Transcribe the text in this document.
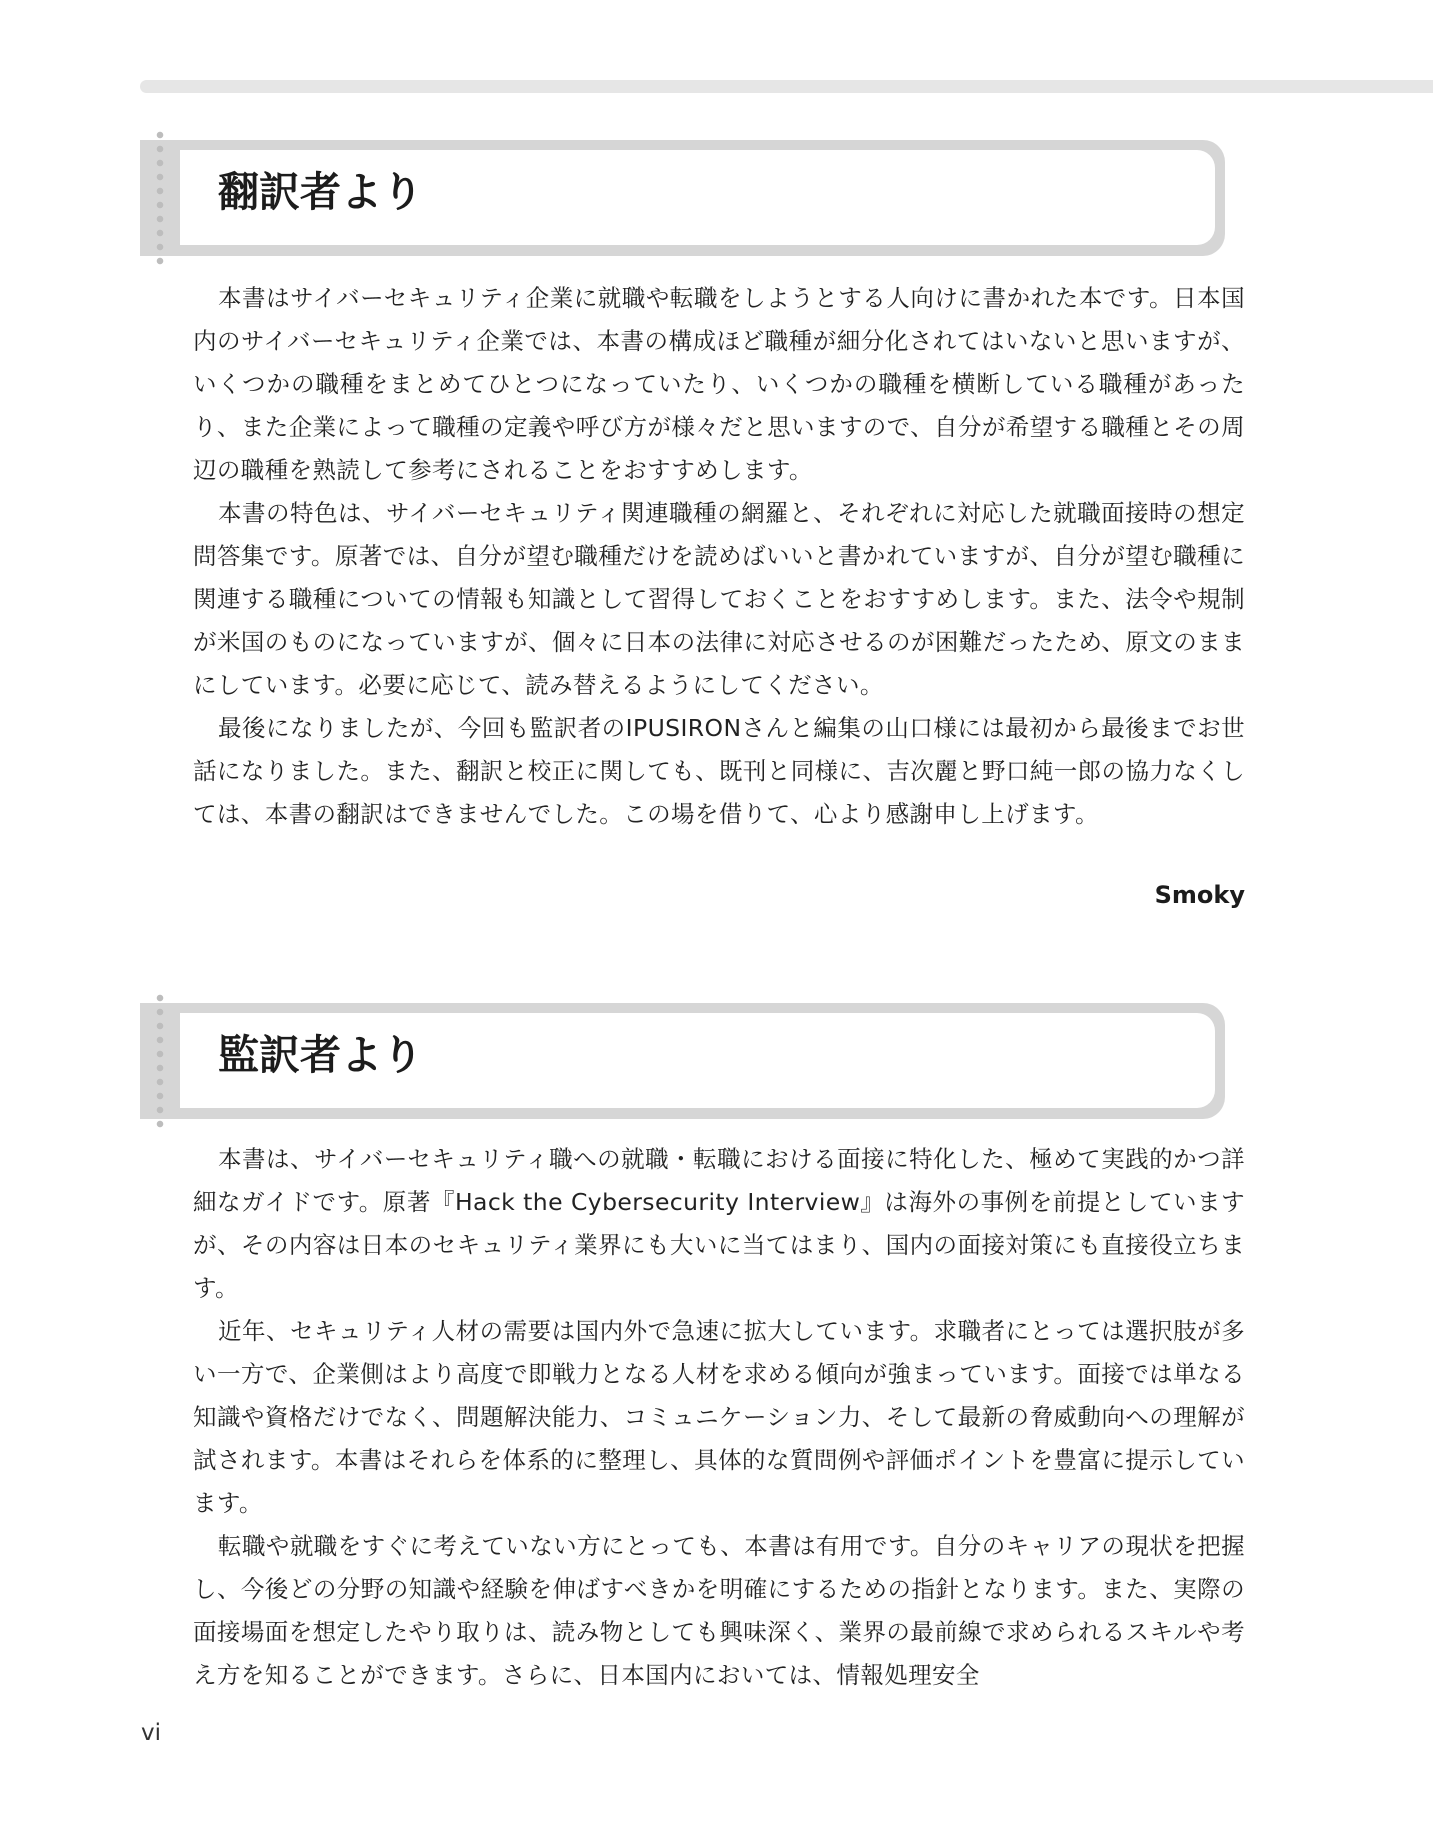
翻訳者より

本書はサイバーセキュリティ企業に就職や転職をしようとする人向けに書かれた本です。日本国内のサイバーセキュリティ企業では、本書の構成ほど職種が細分化されてはいないと思いますが、いくつかの職種をまとめてひとつになっていたり、いくつかの職種を横断している職種があったり、また企業によって職種の定義や呼び方が様々だと思いますので、自分が希望する職種とその周辺の職種を熟読して参考にされることをおすすめします。

本書の特色は、サイバーセキュリティ関連職種の網羅と、それぞれに対応した就職面接時の想定問答集です。原著では、自分が望む職種だけを読めばいいと書かれていますが、自分が望む職種に関連する職種についての情報も知識として習得しておくことをおすすめします。また、法令や規制が米国のものになっていますが、個々に日本の法律に対応させるのが困難だったため、原文のままにしています。必要に応じて、読み替えるようにしてください。

最後になりましたが、今回も監訳者のIPUSIRONさんと編集の山口様には最初から最後までお世話になりました。また、翻訳と校正に関しても、既刊と同様に、吉次麗と野口純一郎の協力なくしては、本書の翻訳はできませんでした。この場を借りて、心より感謝申し上げます。

Smoky
監訳者より

本書は、サイバーセキュリティ職への就職・転職における面接に特化した、極めて実践的かつ詳細なガイドです。原著『Hack the Cybersecurity Interview』は海外の事例を前提としていますが、その内容は日本のセキュリティ業界にも大いに当てはまり、国内の面接対策にも直接役立ちます。

近年、セキュリティ人材の需要は国内外で急速に拡大しています。求職者にとっては選択肢が多い一方で、企業側はより高度で即戦力となる人材を求める傾向が強まっています。面接では単なる知識や資格だけでなく、問題解決能力、コミュニケーション力、そして最新の脅威動向への理解が試されます。本書はそれらを体系的に整理し、具体的な質問例や評価ポイントを豊富に提示しています。

転職や就職をすぐに考えていない方にとっても、本書は有用です。自分のキャリアの現状を把握し、今後どの分野の知識や経験を伸ばすべきかを明確にするための指針となります。また、実際の面接場面を想定したやり取りは、読み物としても興味深く、業界の最前線で求められるスキルや考え方を知ることができます。さらに、日本国内においては、情報処理安全

vi
